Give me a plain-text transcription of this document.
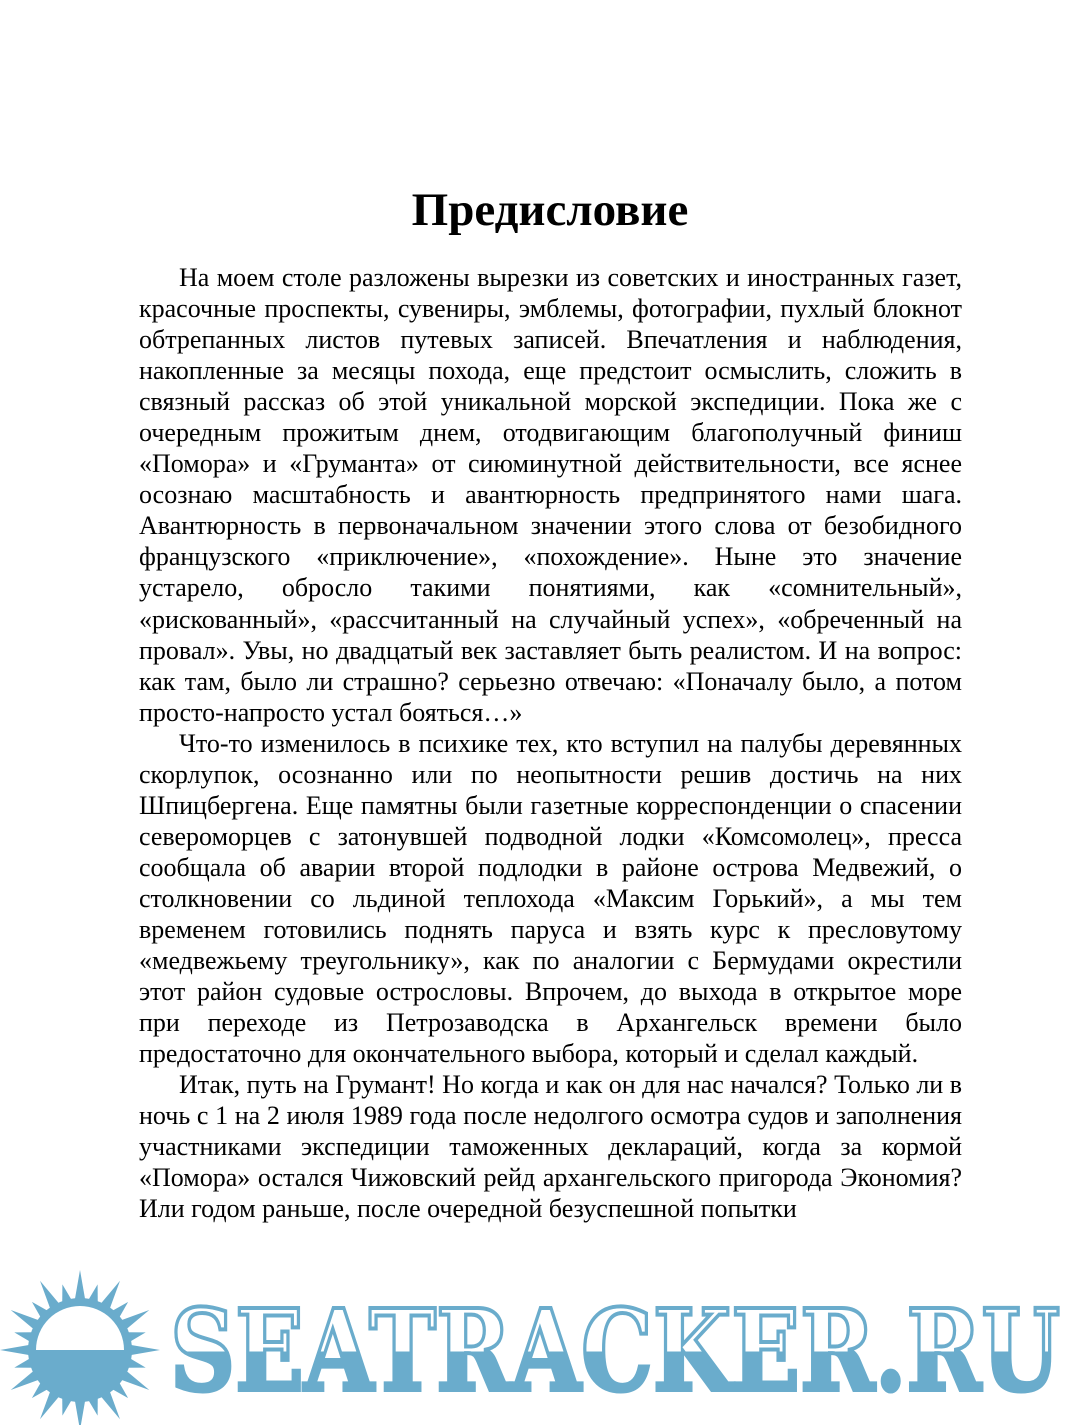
Предисловие

На моем столе разложены вырезки из советских и иностранных газет, красочные проспекты, сувениры, эмблемы, фотографии, пухлый блокнот обтрепанных листов путевых записей. Впечатления и наблюдения, накопленные за месяцы похода, еще предстоит осмыслить, сложить в связный рассказ об этой уникальной морской экспедиции. Пока же с очередным прожитым днем, отодвигающим благополучный финиш «Помора» и «Груманта» от сиюминутной действительности, все яснее осознаю масштабность и авантюрность предпринятого нами шага. Авантюрность в первоначальном значении этого слова от безобидного французского «приключение», «похождение». Ныне это значение устарело, обросло такими понятиями, как «сомнительный», «рискованный», «рассчитанный на случайный успех», «обреченный на провал». Увы, но двадцатый век заставляет быть реалистом. И на вопрос: как там, было ли страшно? серьезно отвечаю: «Поначалу было, а потом просто-напросто устал бояться…»

Что-то изменилось в психике тех, кто вступил на палубы деревянных скорлупок, осознанно или по неопытности решив достичь на них Шпицбергена. Еще памятны были газетные корреспонденции о спасении североморцев с затонувшей подводной лодки «Комсомолец», пресса сообщала об аварии второй подлодки в районе острова Медвежий, о столкновении со льдиной теплохода «Максим Горький», а мы тем временем готовились поднять паруса и взять курс к пресловутому «медвежьему треугольнику», как по аналогии с Бермудами окрестили этот район судовые острословы. Впрочем, до выхода в открытое море при переходе из Петрозаводска в Архангельск времени было предостаточно для окончательного выбора, который и сделал каждый.

Итак, путь на Грумант! Но когда и как он для нас начался? Только ли в ночь с 1 на 2 июля 1989 года после недолгого осмотра судов и заполнения участниками экспедиции таможенных деклараций, когда за кормой «Помора» остался Чижовский рейд архангельского пригорода Экономия? Или годом раньше, после очередной безуспешной попытки

SEATRACKER.RU
